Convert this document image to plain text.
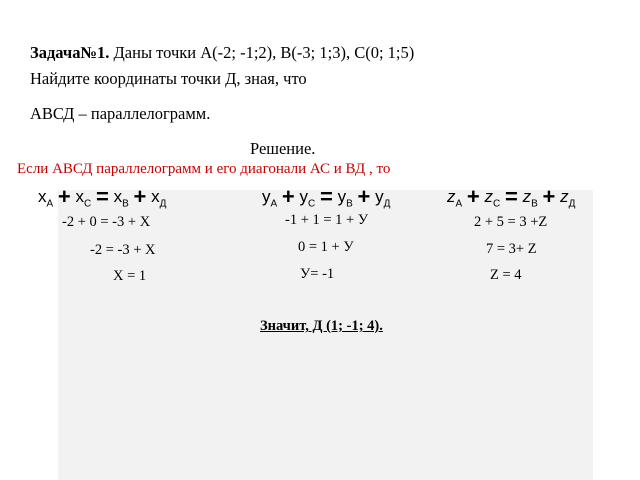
Задача№1. Даны точки А(-2; -1;2), В(-3; 1;3), С(0; 1;5)
Найдите координаты точки Д, зная, что
АВСД – параллелограмм.
Решение.
Если АВСД параллелограмм и его диагонали АС и ВД , то
$x_А + x_С = x_В + x_Д$	$y_А + y_С = y_В + y_Д$	$z_А + z_С = z_В + z_Д$
-2 + 0 = -3 + Х
-2 = -3 + Х
Х = 1
-1 + 1 = 1 + У
0 = 1 + У
У= -1
2 + 5 = 3 +Z
7 = 3+ Z
Z = 4
Значит, Д (1; -1; 4).
